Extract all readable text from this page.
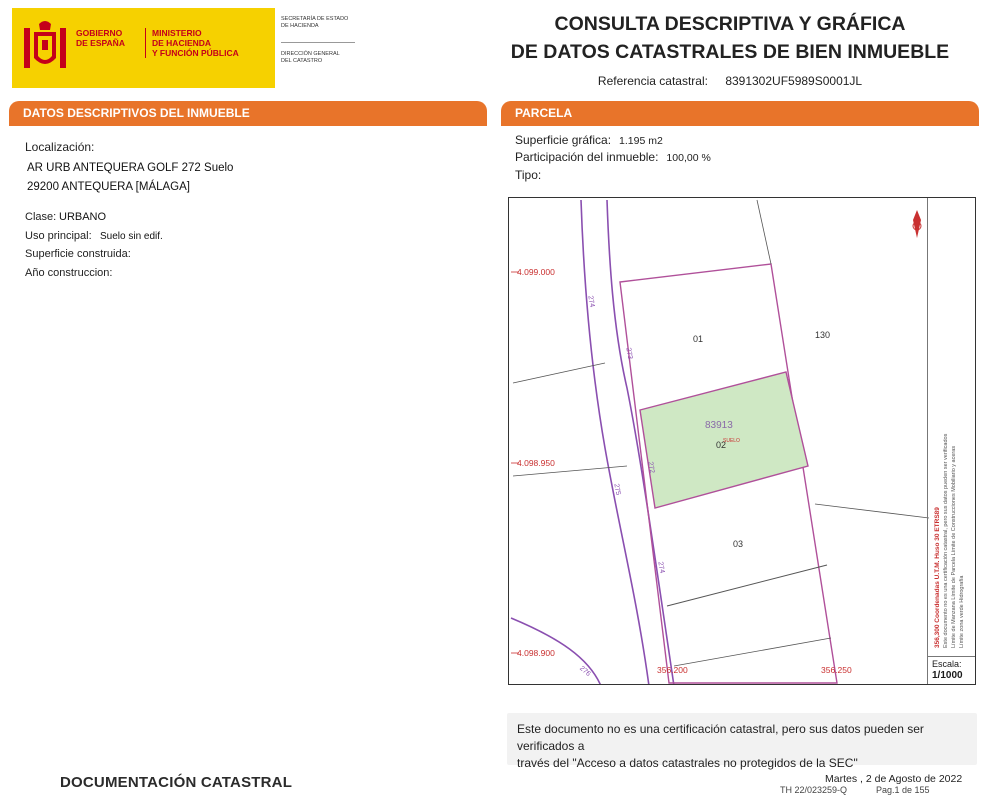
GOBIERNO
DE ESPAÑA
MINISTERIO
DE HACIENDA
Y FUNCIÓN PÚBLICA
SECRETARÍA DE ESTADO
DE HACIENDA
DIRECCIÓN GENERAL
DEL CATASTRO
CONSULTA DESCRIPTIVA Y GRÁFICA
DE DATOS CATASTRALES DE BIEN INMUEBLE
Referencia catastral: 8391302UF5989S0001JL
DATOS DESCRIPTIVOS DEL INMUEBLE	PARCELA
Localización:
AR URB ANTEQUERA GOLF 272 Suelo
29200 ANTEQUERA [MÁLAGA]
Clase: URBANO
Uso principal: Suelo sin edif.
Superficie construida:
Año construccion:
Superficie gráfica: 1.195 m2
Participación del inmueble: 100,00 %
Tipo:
4.099.000
4.098.950
4.098.900
356.200	356.250
01
02
03
130
83913
SUELO
274
273
272
275
274
276
356,300 Coordenadas U.T.M. Huso 30 ETRS89 Este documento no es una certificación catastral, pero sus datos pueden ser verificados Límite de Manzana Límite de Parcela Límite de Construcciones Mobiliario y aceras Límite zona verde Hidrografía
Escala:
1/1000
Este documento no es una certificación catastral, pero sus datos pueden ser verificados a
través del "Acceso a datos catastrales no protegidos de la SEC"
DOCUMENTACIÓN CATASTRAL	Martes , 2 de Agosto de 2022
TH 22/023259-Q	Pag.1 de 155
